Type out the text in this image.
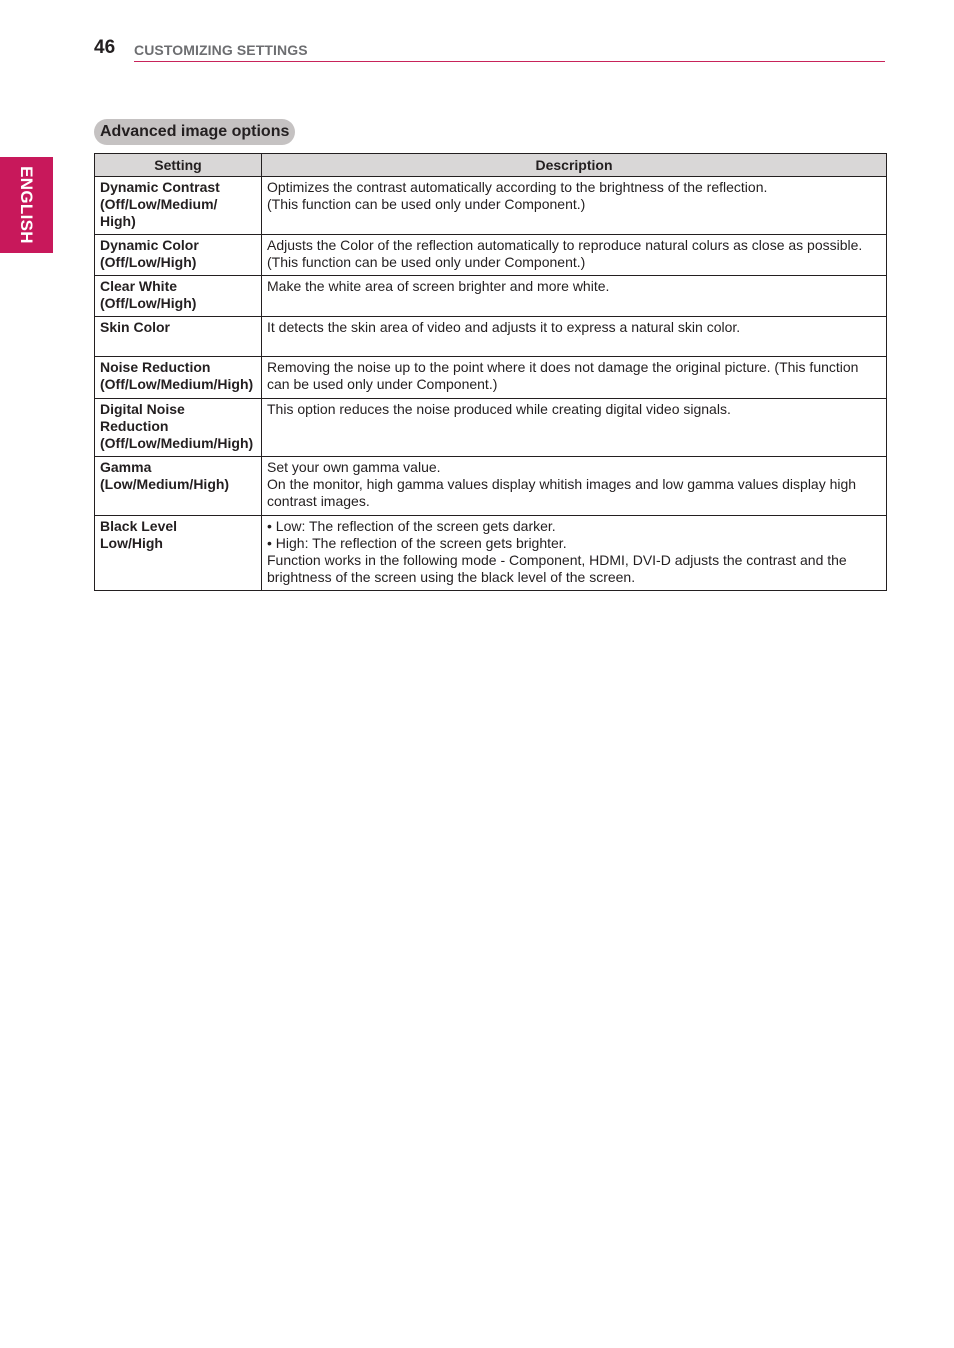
46 CUSTOMIZING SETTINGS
ENGLISH
Advanced image options
Setting	Description

Dynamic Contrast
(Off/Low/Medium/
High)	Optimizes the contrast automatically according to the brightness of the reflection.
(This function can be used only under Component.)

Dynamic Color
(Off/Low/High)	Adjusts the Color of the reflection automatically to reproduce natural colurs as close as possible.(This function can be used only under Component.)

Clear White
(Off/Low/High)	Make the white area of screen brighter and more white.

Skin Color	It detects the skin area of video and adjusts it to express a natural skin color.

Noise Reduction
(Off/Low/Medium/High)	Removing the noise up to the point where it does not damage the original picture. (This function can be used only under Component.)

Digital Noise
Reduction
(Off/Low/Medium/High)	This option reduces the noise produced while creating digital video signals.

Gamma
(Low/Medium/High)	Set your own gamma value.
On the monitor, high gamma values display whitish images and low gamma values display high contrast images.

Black Level
Low/High	• Low: The reflection of the screen gets darker.
• High: The reflection of the screen gets brighter.
Function works in the following mode - Component, HDMI, DVI-D adjusts the contrast and the brightness of the screen using the black level of the screen.
